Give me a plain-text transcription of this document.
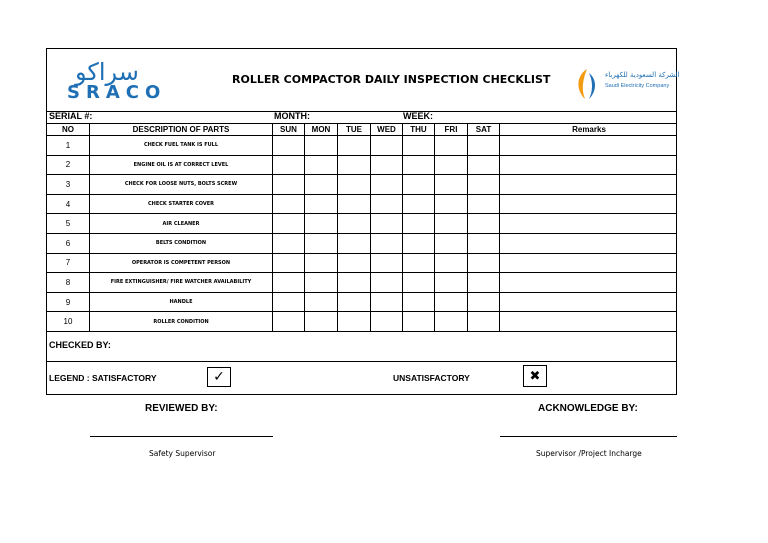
سراكو
SRACO
ROLLER COMPACTOR DAILY INSPECTION CHECKLIST	الشركة السعودية للكهرباء
Saudi Electricity Company
SERIAL #:	MONTH:	WEEK:
NO	DESCRIPTION OF PARTS	SUN	MON	TUE	WED	THU	FRI	SAT	Remarks
1	CHECK FUEL TANK IS FULL
2	ENGINE OIL IS AT CORRECT LEVEL
3	CHECK FOR LOOSE NUTS, BOLTS SCREW
4	CHECK STARTER COVER
5	AIR CLEANER
6	BELTS CONDITION
7	OPERATOR IS COMPETENT PERSON
8	FIRE EXTINGUISHER/ FIRE WATCHER AVAILABILITY
9	HANDLE
10	ROLLER CONDITION
CHECKED BY:
LEGEND : SATISFACTORY	✓	UNSATISFACTORY	✖
REVIEWED BY:	ACKNOWLEDGE BY:
Safety Supervisor	Supervisor /Project Incharge
